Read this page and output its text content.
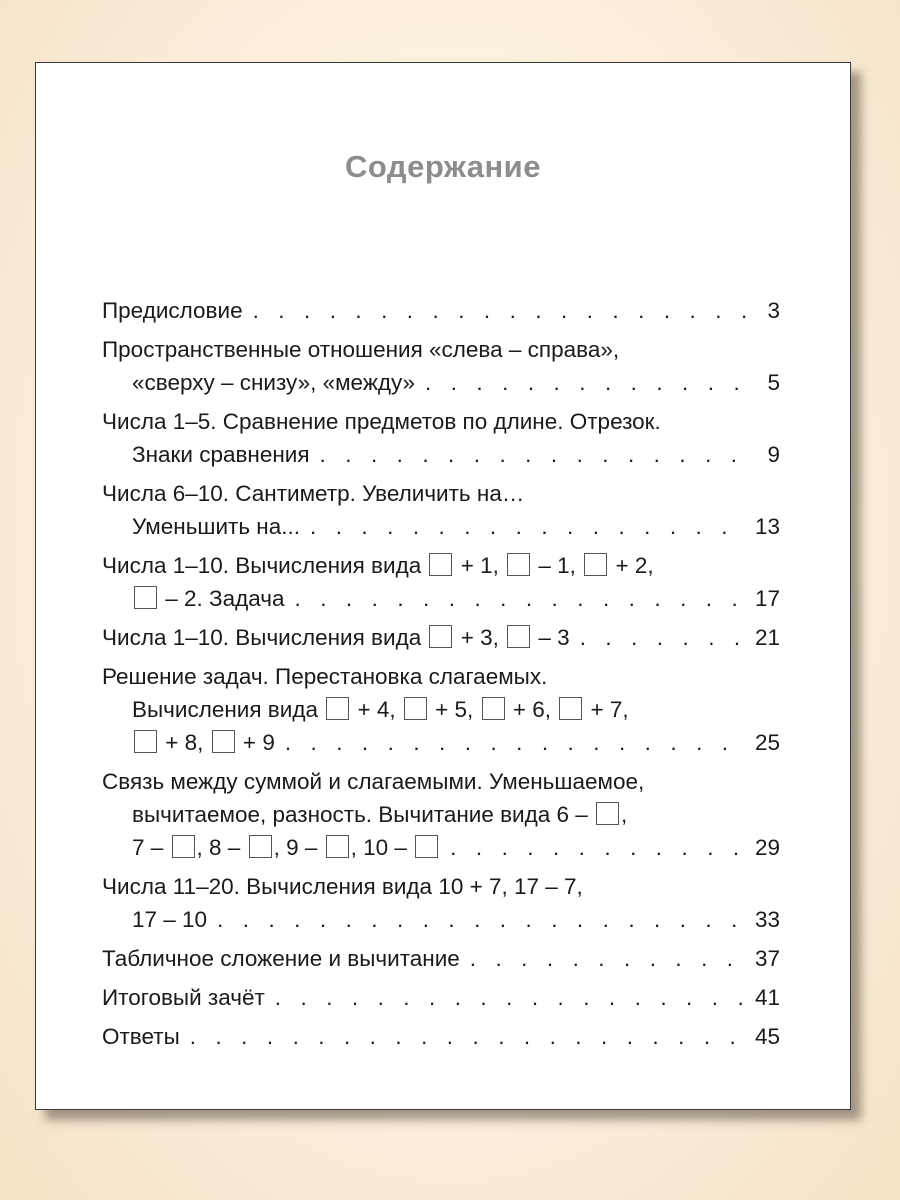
Содержание
Предисловие . . .	3
Пространственные отношения «слева – справа»,
«сверху – снизу», «между» . . .	5
Числа 1–5. Сравнение предметов по длине. Отрезок.
Знаки сравнения . . .	9
Числа 6–10. Сантиметр. Увеличить на…
Уменьшить на... . . .	13
Числа 1–10. Вычисления вида  + 1,  – 1,  + 2,
– 2. Задача . . .	17
Числа 1–10. Вычисления вида  + 3,  – 3 . . .	21
Решение задач. Перестановка слагаемых.
Вычисления вида  + 4,  + 5,  + 6,  + 7,
+ 8,  + 9 . . .	25
Связь между суммой и слагаемыми. Уменьшаемое,
вычитаемое, разность. Вычитание вида 6 – ,
7 – , 8 – , 9 – , 10 – . . .	29
Числа 11–20. Вычисления вида 10 + 7, 17 – 7,
17 – 10 . . .	33
Табличное сложение и вычитание . . .	37
Итоговый зачёт . . .	41
Ответы . . .	45
